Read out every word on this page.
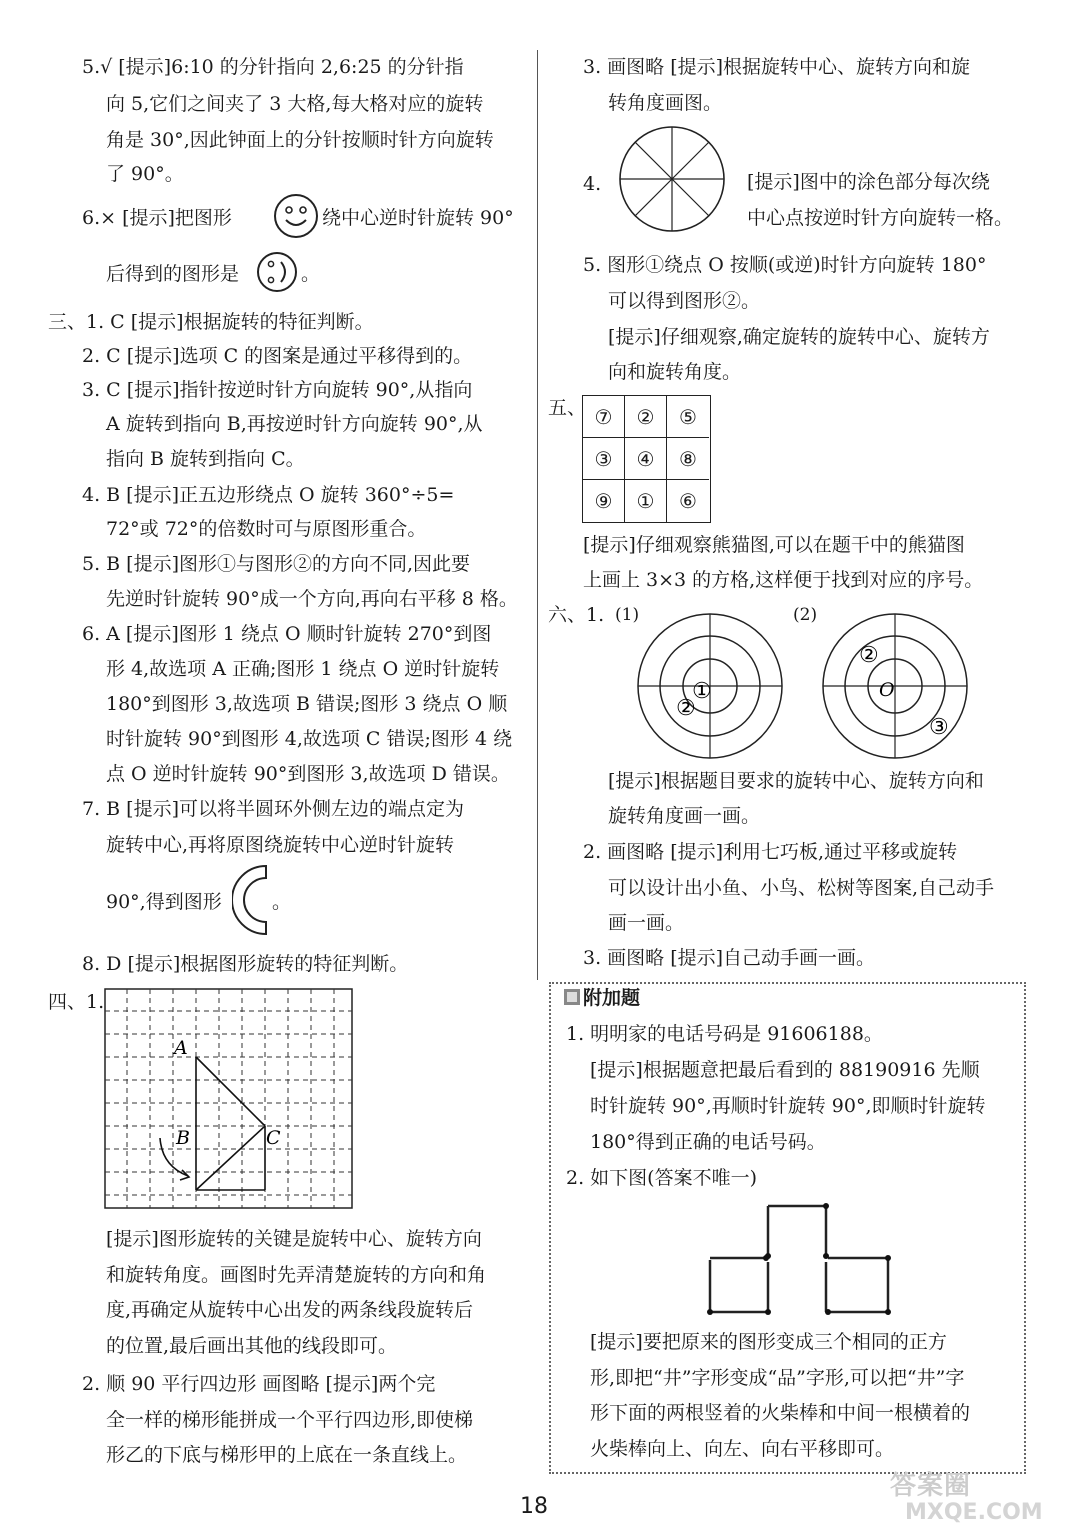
5.√ [提示]6:10 的分针指向 2,6:25 的分针指
向 5,它们之间夹了 3 大格,每大格对应的旋转
角是 30°,因此钟面上的分针按顺时针方向旋转
了 90°。
6.× [提示]把图形	绕中心逆时针旋转 90°
后得到的图形是	。
三、1. C [提示]根据旋转的特征判断。
2. C [提示]选项 C 的图案是通过平移得到的。
3. C [提示]指针按逆时针方向旋转 90°,从指向
A 旋转到指向 B,再按逆时针方向旋转 90°,从
指向 B 旋转到指向 C。
4. B [提示]正五边形绕点 O 旋转 360°÷5=
72°或 72°的倍数时可与原图形重合。
5. B [提示]图形①与图形②的方向不同,因此要
先逆时针旋转 90°成一个方向,再向右平移 8 格。
6. A [提示]图形 1 绕点 O 顺时针旋转 270°到图
形 4,故选项 A 正确;图形 1 绕点 O 逆时针旋转
180°到图形 3,故选项 B 错误;图形 3 绕点 O 顺
时针旋转 90°到图形 4,故选项 C 错误;图形 4 绕
点 O 逆时针旋转 90°到图形 3,故选项 D 错误。
7. B [提示]可以将半圆环外侧左边的端点定为
旋转中心,再将原图绕旋转中心逆时针旋转
90°,得到图形	。
8. D [提示]根据图形旋转的特征判断。
四、1.
A
B	C
[提示]图形旋转的关键是旋转中心、旋转方向
和旋转角度。画图时先弄清楚旋转的方向和角
度,再确定从旋转中心出发的两条线段旋转后
的位置,最后画出其他的线段即可。
2. 顺 90 平行四边形 画图略 [提示]两个完
全一样的梯形能拼成一个平行四边形,即使梯
形乙的下底与梯形甲的上底在一条直线上。
3. 画图略 [提示]根据旋转中心、旋转方向和旋
转角度画图。
4.	[提示]图中的涂色部分每次绕
中心点按逆时针方向旋转一格。
5. 图形①绕点 O 按顺(或逆)时针方向旋转 180°
可以得到图形②。
[提示]仔细观察,确定旋转的旋转中心、旋转方
向和旋转角度。
五、 ⑦	②	⑤
③	④	⑧
⑨	①	⑥
[提示]仔细观察熊猫图,可以在题干中的熊猫图
上画上 3×3 的方格,这样便于找到对应的序号。
六、1. (1)	(2)
①
②
②
O
③
[提示]根据题目要求的旋转中心、旋转方向和
旋转角度画一画。
2. 画图略 [提示]利用七巧板,通过平移或旋转
可以设计出小鱼、小鸟、松树等图案,自己动手
画一画。
3. 画图略 [提示]自己动手画一画。
附加题
1. 明明家的电话号码是 91606188。
[提示]根据题意把最后看到的 88190916 先顺
时针旋转 90°,再顺时针旋转 90°,即顺时针旋转
180°得到正确的电话号码。
2. 如下图(答案不唯一)
[提示]要把原来的图形变成三个相同的正方
形,即把“井”字形变成“品”字形,可以把“井”字
形下面的两根竖着的火柴棒和中间一根横着的
火柴棒向上、向左、向右平移即可。
18
答案圈
MXQE.COM
